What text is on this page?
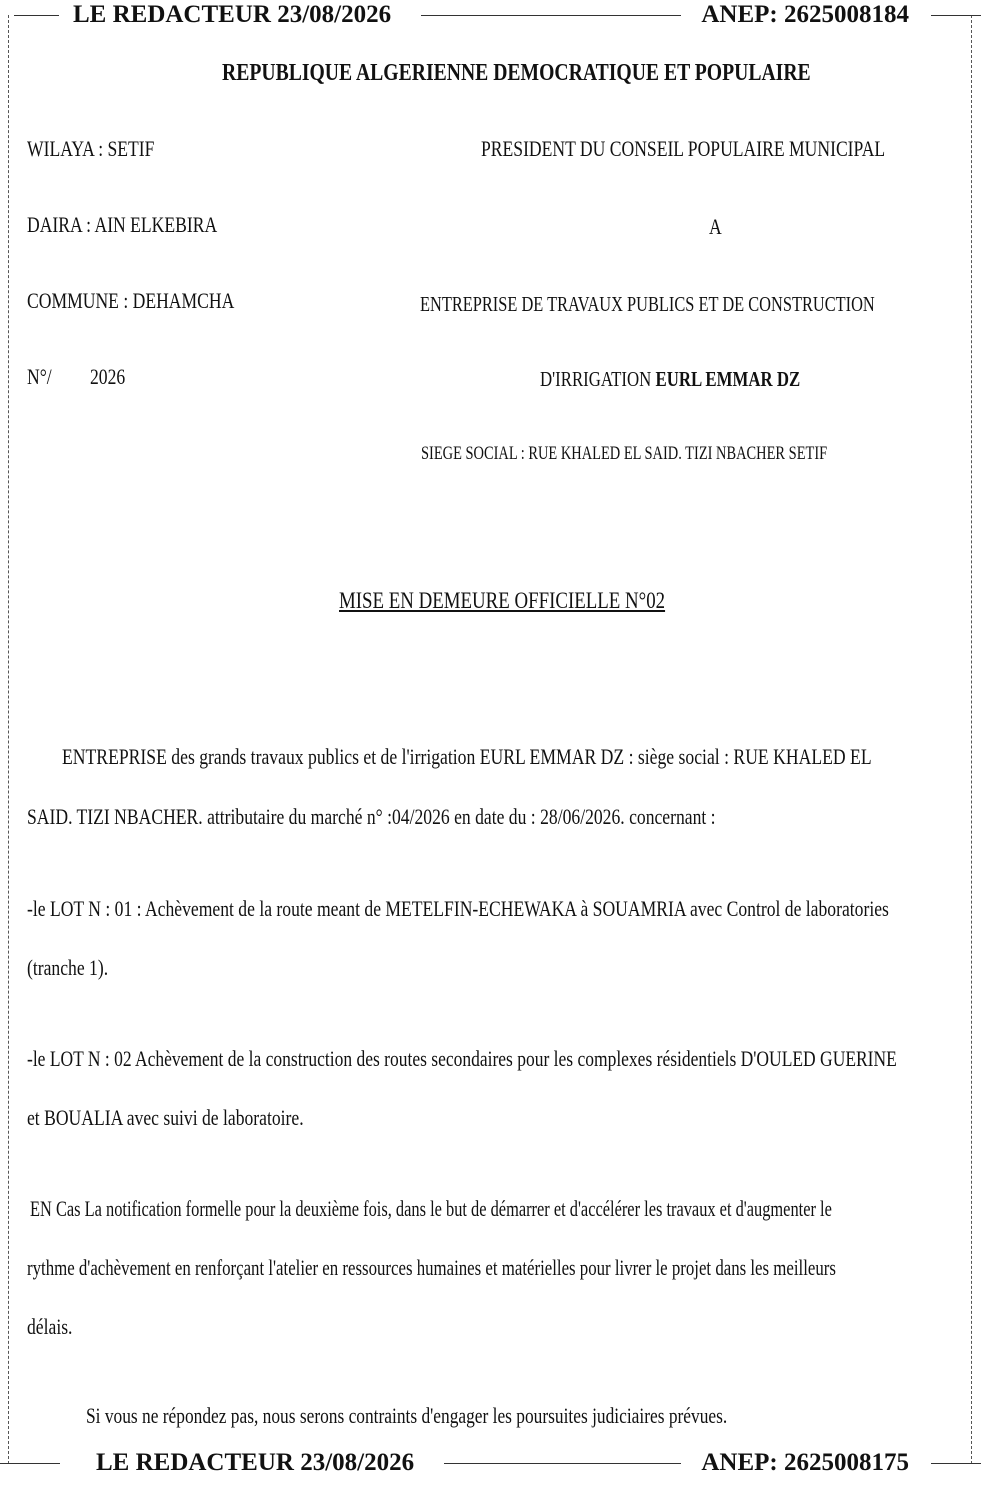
LE REDACTEUR 23/08/2026	ANEP: 2625008184
REPUBLIQUE ALGERIENNE DEMOCRATIQUE ET POPULAIRE
WILAYA : SETIF
DAIRA : AIN ELKEBIRA
COMMUNE : DEHAMCHA
N°/ 2026
PRESIDENT DU CONSEIL POPULAIRE MUNICIPAL
A
ENTREPRISE DE TRAVAUX PUBLICS ET DE CONSTRUCTION
D'IRRIGATION EURL EMMAR DZ
SIEGE SOCIAL : RUE KHALED EL SAID. TIZI NBACHER SETIF
MISE EN DEMEURE OFFICIELLE N°02
ENTREPRISE des grands travaux publics et de l'irrigation EURL EMMAR DZ : siège social : RUE KHALED EL
SAID. TIZI NBACHER. attributaire du marché n° :04/2026 en date du : 28/06/2026. concernant :
-le LOT N : 01 : Achèvement de la route meant de METELFIN-ECHEWAKA à SOUAMRIA avec Control de laboratories
(tranche 1).
-le LOT N : 02 Achèvement de la construction des routes secondaires pour les complexes résidentiels D'OULED GUERINE
et BOUALIA avec suivi de laboratoire.
EN Cas La notification formelle pour la deuxième fois, dans le but de démarrer et d'accélérer les travaux et d'augmenter le
rythme d'achèvement en renforçant l'atelier en ressources humaines et matérielles pour livrer le projet dans les meilleurs
délais.
Si vous ne répondez pas, nous serons contraints d'engager les poursuites judiciaires prévues.
LE REDACTEUR 23/08/2026	ANEP: 2625008175
